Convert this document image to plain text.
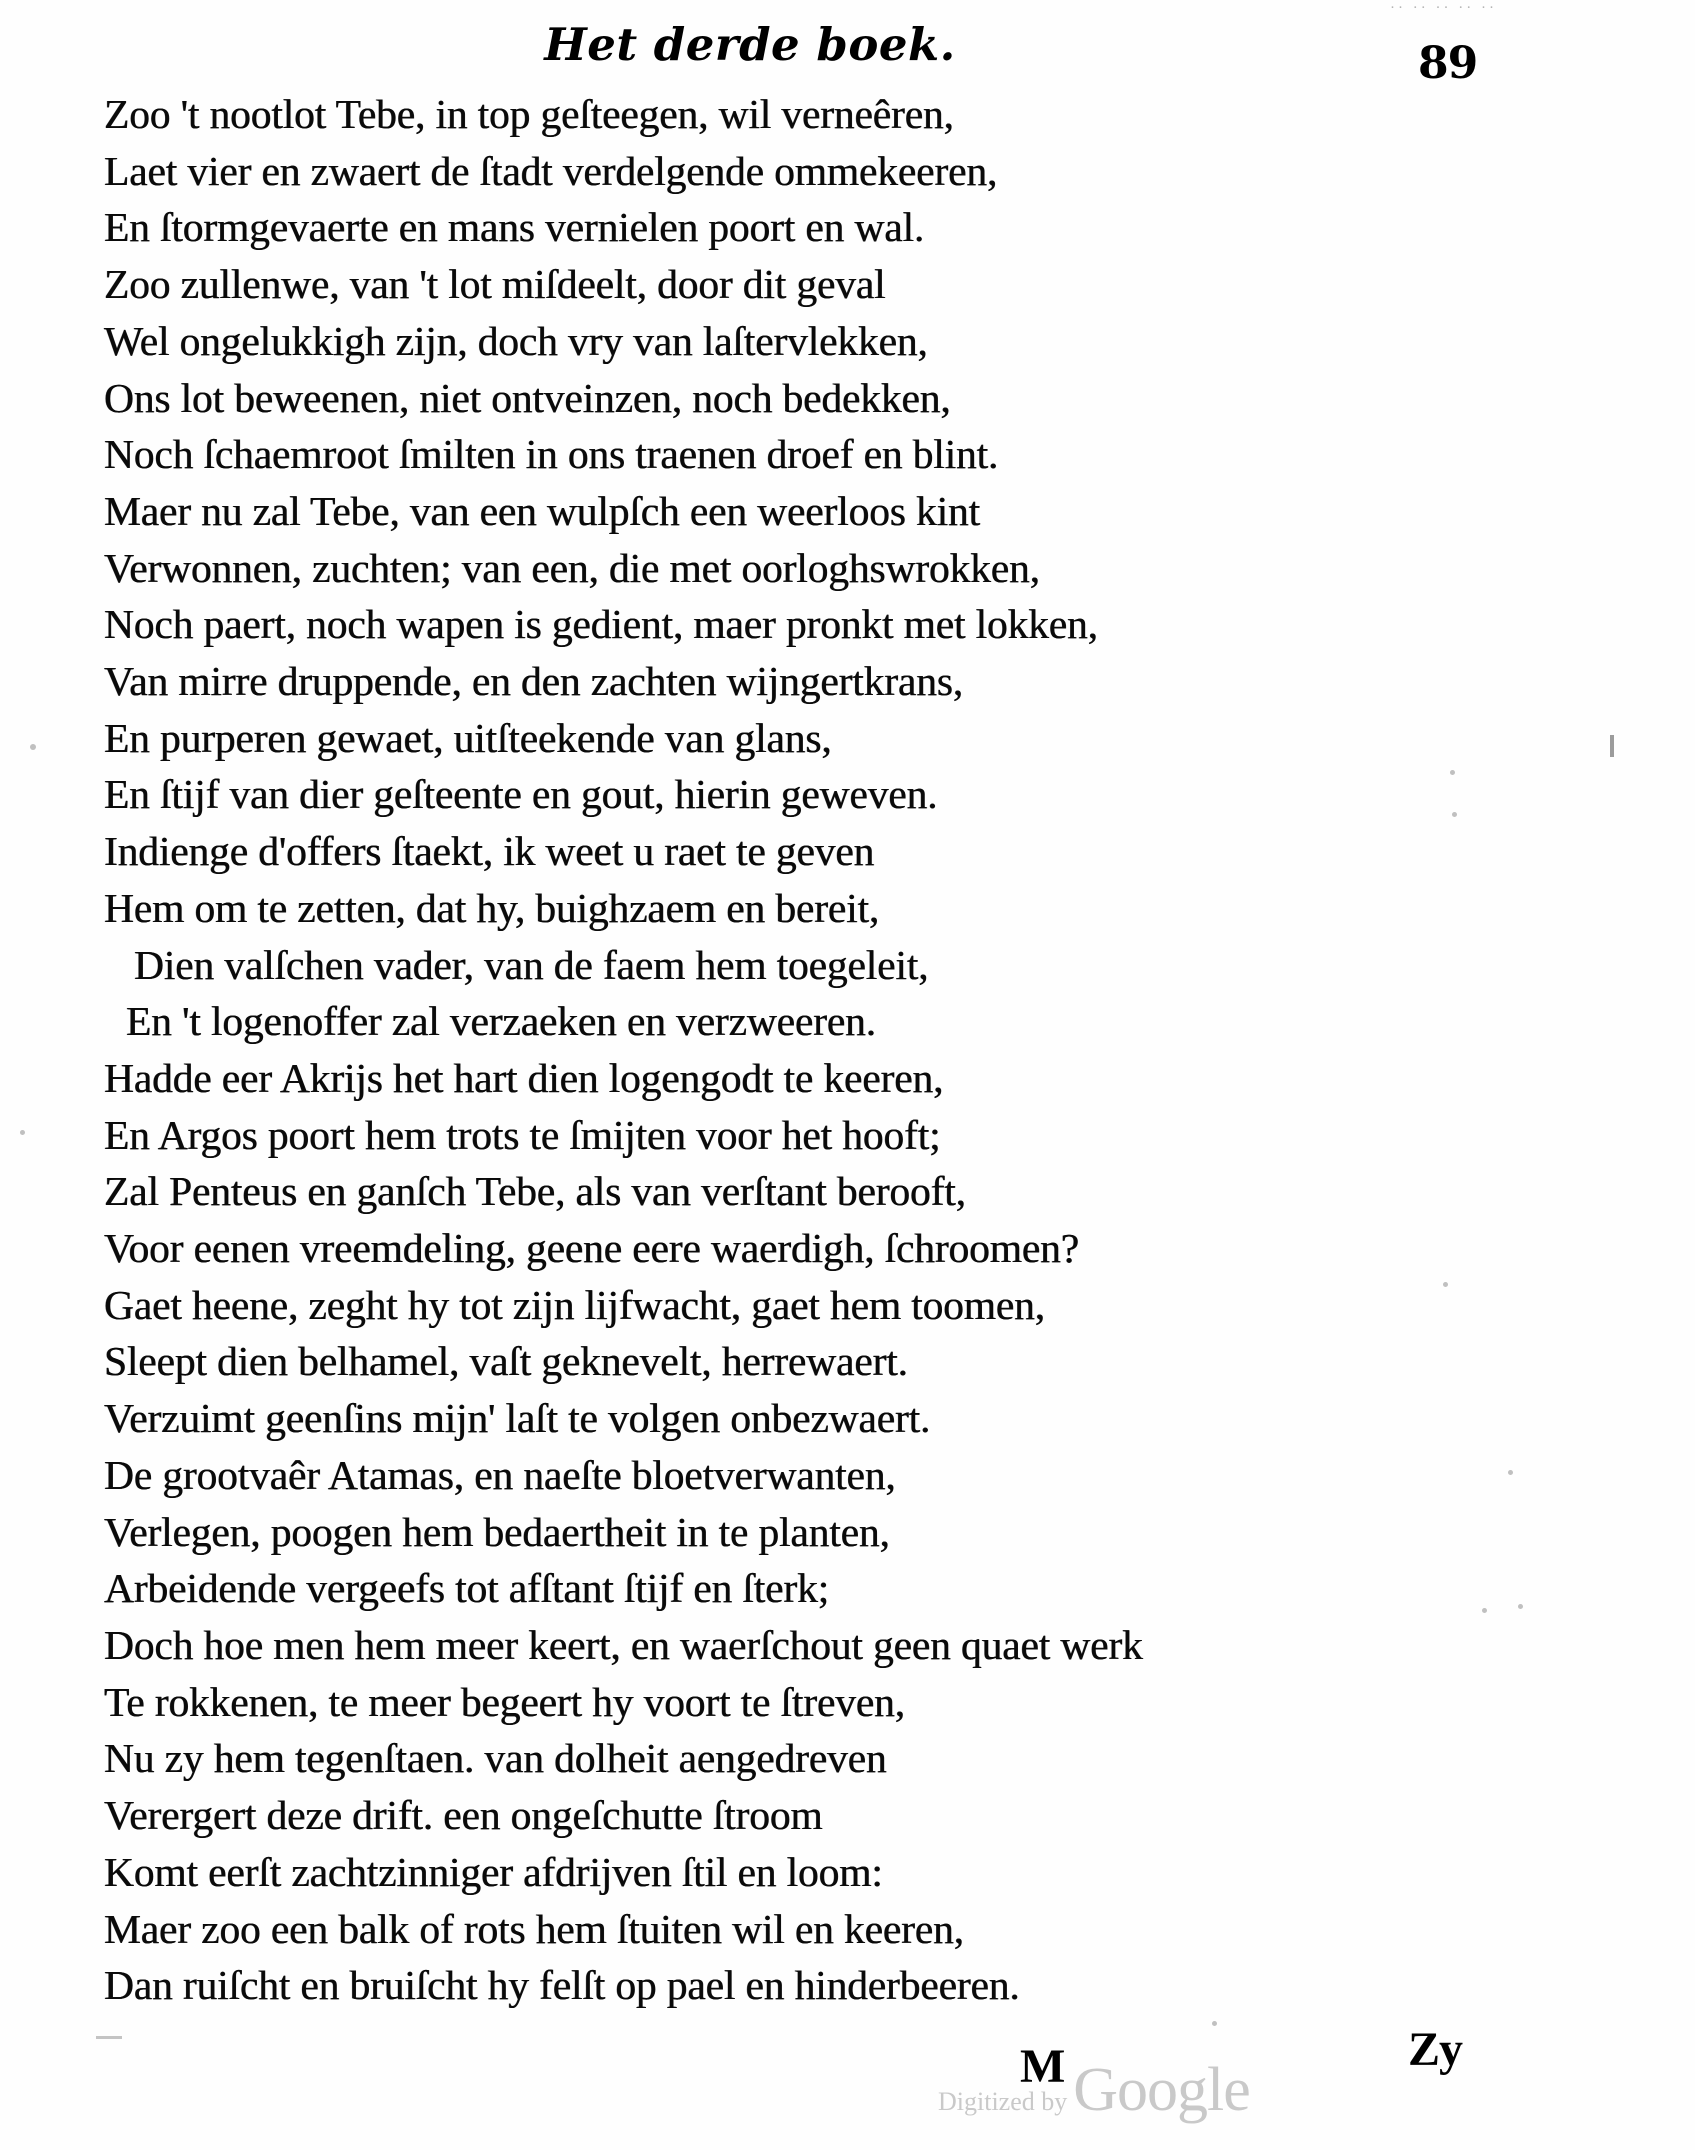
·· ·· ·· ·· ··
Het derde boek.	89
Zoo 't nootlot Tebe, in top geſteegen, wil verneêren,
Laet vier en zwaert de ſtadt verdelgende ommekeeren,
En ſtormgevaerte en mans vernielen poort en wal.
Zoo zullenwe, van 't lot miſdeelt, door dit geval
Wel ongelukkigh zijn, doch vry van laſtervlekken,
Ons lot beweenen, niet ontveinzen, noch bedekken,
Noch ſchaemroot ſmilten in ons traenen droef en blint.
Maer nu zal Tebe, van een wulpſch een weerloos kint
Verwonnen, zuchten; van een, die met oorloghswrokken,
Noch paert, noch wapen is gedient, maer pronkt met lokken,
Van mirre druppende, en den zachten wijngertkrans,
En purperen gewaet, uitſteekende van glans,
En ſtijf van dier geſteente en gout, hierin geweven.
Indienge d'offers ſtaekt, ik weet u raet te geven
Hem om te zetten, dat hy, buighzaem en bereit,
Dien valſchen vader, van de faem hem toegeleit,
En 't logenoffer zal verzaeken en verzweeren.
Hadde eer Akrijs het hart dien logengodt te keeren,
En Argos poort hem trots te ſmijten voor het hooft;
Zal Penteus en ganſch Tebe, als van verſtant berooft,
Voor eenen vreemdeling, geene eere waerdigh, ſchroomen?
Gaet heene, zeght hy tot zijn lijfwacht, gaet hem toomen,
Sleept dien belhamel, vaſt geknevelt, herrewaert.
Verzuimt geenſins mijn' laſt te volgen onbezwaert.
De grootvaêr Atamas, en naeſte bloetverwanten,
Verlegen, poogen hem bedaertheit in te planten,
Arbeidende vergeefs tot afſtant ſtijf en ſterk;
Doch hoe men hem meer keert, en waerſchout geen quaet werk
Te rokkenen, te meer begeert hy voort te ſtreven,
Nu zy hem tegenſtaen. van dolheit aengedreven
Verergert deze drift. een ongeſchutte ſtroom
Komt eerſt zachtzinniger afdrijven ſtil en loom:
Maer zoo een balk of rots hem ſtuiten wil en keeren,
Dan ruiſcht en bruiſcht hy felſt op pael en hinderbeeren.
M	Zy
Digitized byGoogle
